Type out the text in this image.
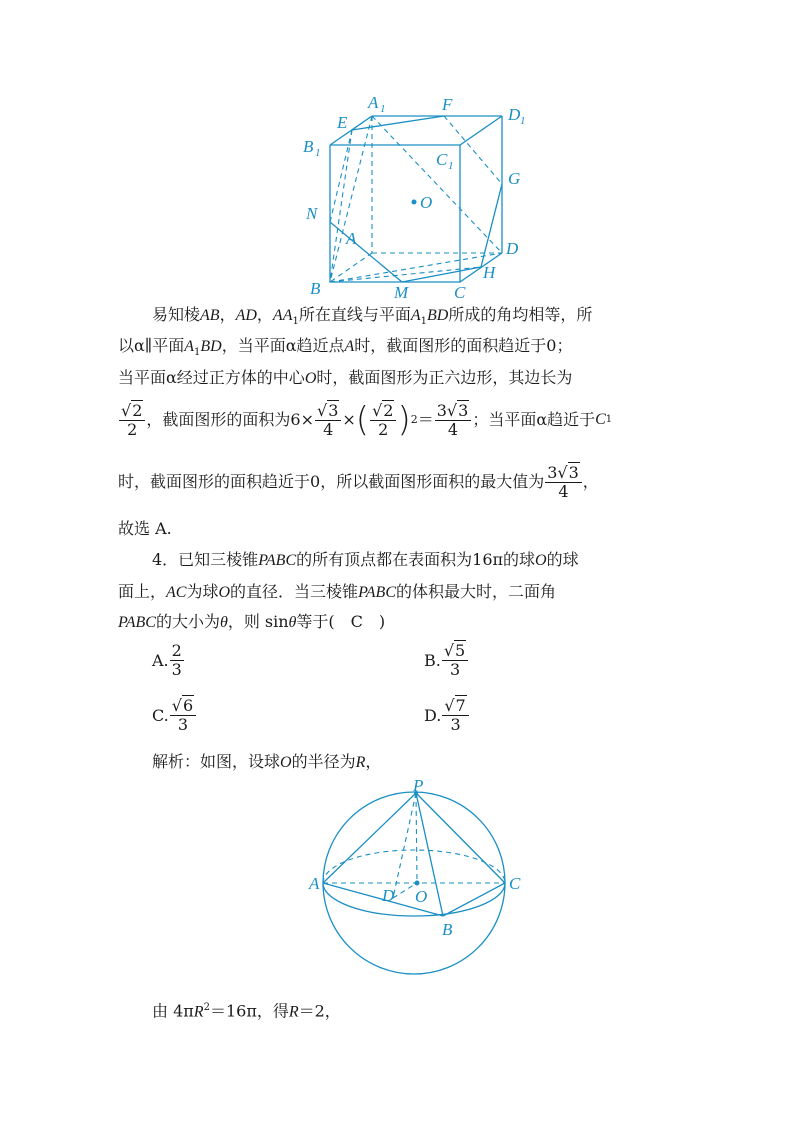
A 1
E
F
D 1
B 1	C 1
G
O
N
A
D
H
B	M	C
易知棱AB，AD，$AA_1$所在直线与平面$A_1BD$所成的角均相等，所
以α∥平面$A_1BD$，当平面α趋近点A时，截面图形的面积趋近于0；
当平面α经过正方体的中心O时，截面图形为正六边形，其边长为
$\frac{√2}{2}$ ，截面图形的面积为 $6\times \frac{√3}{4}$ × ( $\frac{√2}{2}$ ) $2 = \frac{3√3}{4}$ ；当平面α趋近于 C 1
时，截面图形的面积趋近于 0 ，所以截面图形面积的最大值为 $\frac{3√3}{4}$ ，
故选 A.
4．已知三棱锥PABC的所有顶点都在表面积为16π的球O的球
面上，AC为球O的直径．当三棱锥PABC的体积最大时，二面角
PABC的大小为θ，则 sinθ等于(　C　)
A. $\frac{2}{3}$	B. $\frac{√5}{3}$
C. $\frac{√6}{3}$	D. $\frac{√7}{3}$
解析：如图，设球O的半径为R，
P
A	C
D O
B
由 $4\pi R^2=16\pi$，得R＝2，
